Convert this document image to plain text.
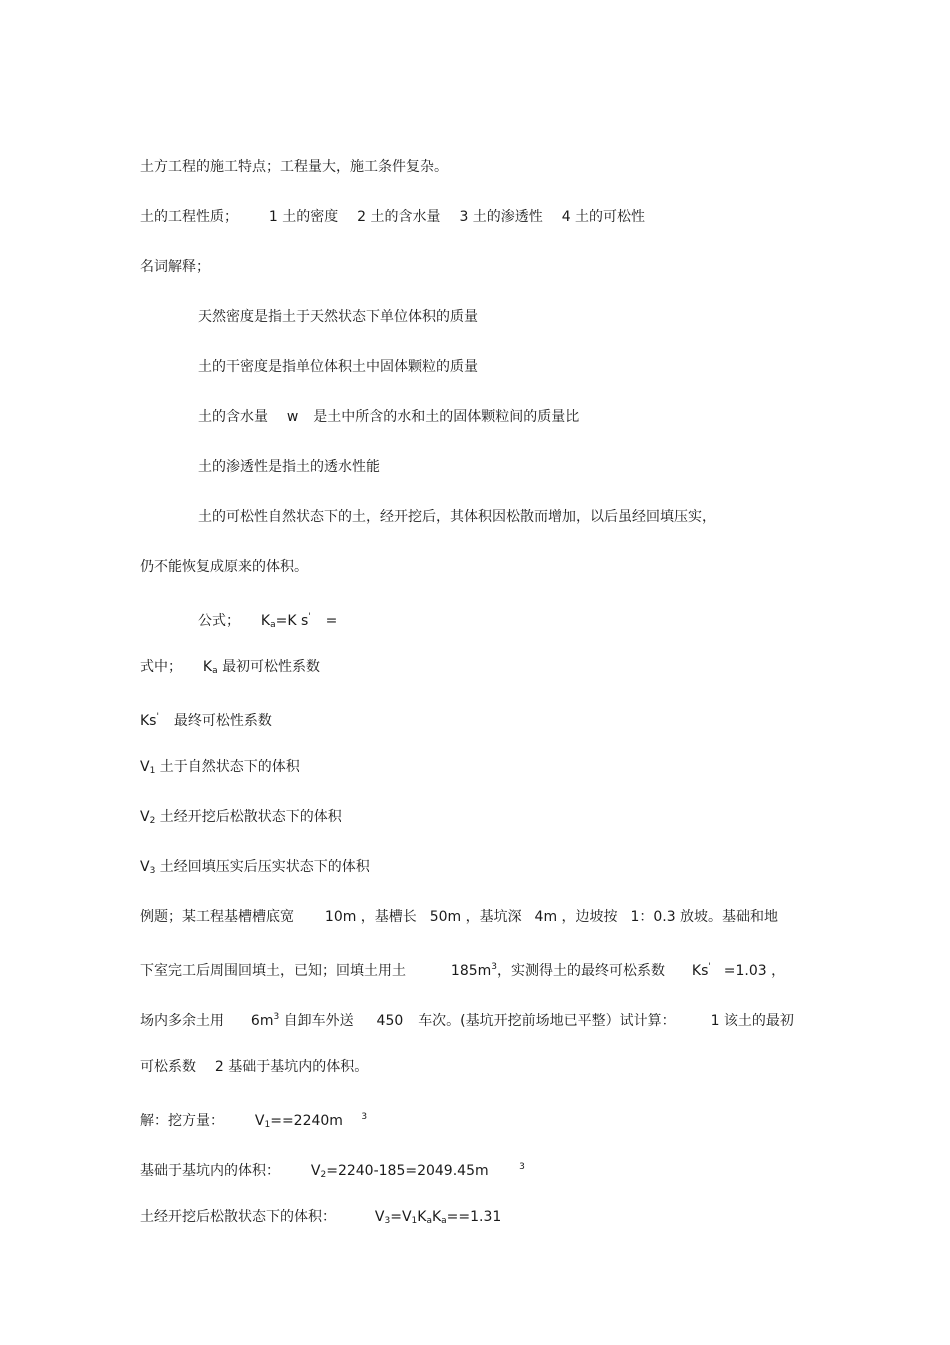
土方工程的施工特点；工程量大，施工条件复杂。
土的工程性质； 1 土的密度 2 土的含水量 3 土的渗透性 4 土的可松性
名词解释；
天然密度是指土于天然状态下单位体积的质量
土的干密度是指单位体积土中固体颗粒的质量
土的含水量 w 是土中所含的水和土的固体颗粒间的质量比
土的渗透性是指土的透水性能
土的可松性自然状态下的土，经开挖后，其体积因松散而增加，以后虽经回填压实，
仍不能恢复成原来的体积。
公式； $K_a=K$ s' =
式中； $K_a$ 最初可松性系数
Ks' 最终可松性系数
$V_1$ 土于自然状态下的体积
$V_2$ 土经开挖后松散状态下的体积
$V_3$ 土经回填压实后压实状态下的体积
例题；某工程基槽槽底宽 10m ，基槽长 50m ，基坑深 4m ，边坡按 1：0.3 放坡。基础和地
下室完工后周围回填土，已知；回填土用土	$185m^3$，实测得土的最终可松系数 Ks' =1.03 ，
场内多余土用 $6m^3$ 自卸车外送 450 车次。(基坑开挖前场地已平整）试计算： 1 该土的最初
可松系数 2 基础于基坑内的体积。
解：挖方量： $V_1==2240m$ $^3$
基础于基坑内的体积： $V_2=2240-185=2049.45m$	$^3$
土经开挖后松散状态下的体积：	$V_3=V_1K_aK_a==1.31$
